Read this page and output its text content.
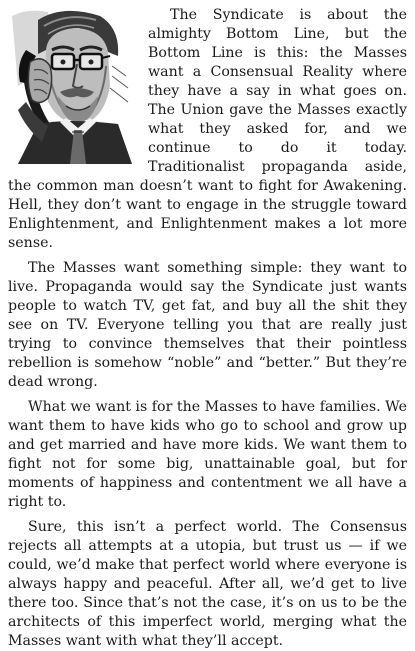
The Syndicate is about the almighty Bottom Line, but the Bottom Line is this: the Masses want a Consensual Reality where they have a say in what goes on. The Union gave the Masses exactly what they asked for, and we continue to do it today. Traditionalist propaganda aside, the common man doesn’t want to fight for Awakening. Hell, they don’t want to engage in the struggle toward Enlightenment, and Enlightenment makes a lot more sense.

The Masses want something simple: they want to live. Propaganda would say the Syndicate just wants people to watch TV, get fat, and buy all the shit they see on TV. Everyone telling you that are really just trying to convince themselves that their pointless rebellion is somehow “noble” and “better.” But they’re dead wrong.

What we want is for the Masses to have families. We want them to have kids who go to school and grow up and get married and have more kids. We want them to fight not for some big, unattainable goal, but for moments of happiness and contentment we all have a right to.

Sure, this isn’t a perfect world. The Consensus rejects all attempts at a utopia, but trust us — if we could, we’d make that perfect world where everyone is always happy and peaceful. After all, we’d get to live there too. Since that’s not the case, it’s on us to be the architects of this imperfect world, merging what the Masses want with what they’ll accept.
